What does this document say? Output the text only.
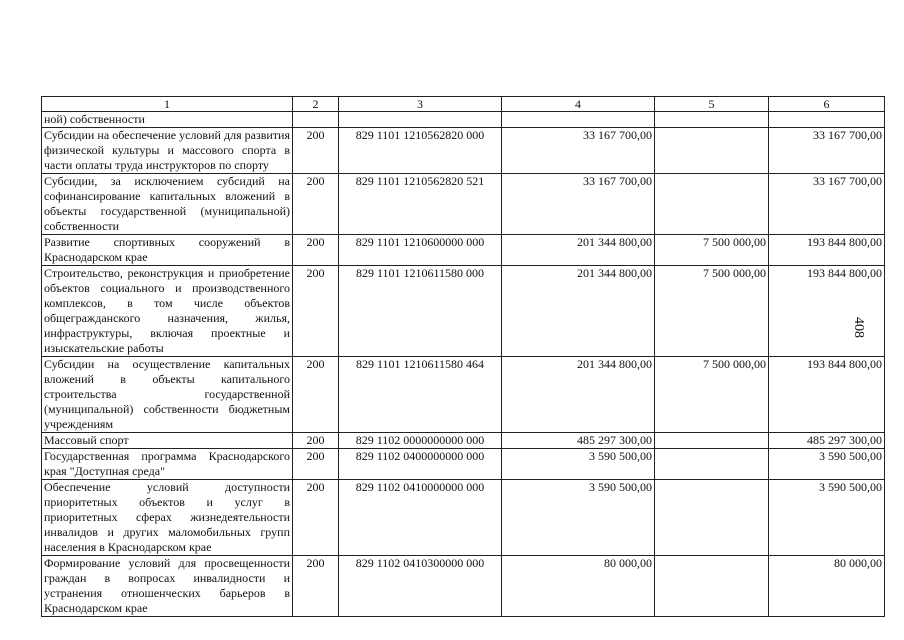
1	2	3	4	5	6
ной) собственности					
Субсидии на обеспечение условий для развития физической культуры и массового спорта в части оплаты труда инструкторов по спорту	200	829 1101 1210562820 000	33 167 700,00		33 167 700,00
Субсидии, за исключением субсидий на софинансирование капитальных вложений в объекты государственной (муниципальной) собственности	200	829 1101 1210562820 521	33 167 700,00		33 167 700,00
Развитие спортивных сооружений в Краснодарском крае	200	829 1101 1210600000 000	201 344 800,00	7 500 000,00	193 844 800,00
Строительство, реконструкция и приобретение объектов социального и производственного комплексов, в том числе объектов общегражданского назначения, жилья, инфраструктуры, включая проектные и изыскательские работы	200	829 1101 1210611580 000	201 344 800,00	7 500 000,00	193 844 800,00
Субсидии на осуществление капитальных вложений в объекты капитального строительства государственной (муниципальной) собственности бюджетным учреждениям	200	829 1101 1210611580 464	201 344 800,00	7 500 000,00	193 844 800,00
Массовый спорт	200	829 1102 0000000000 000	485 297 300,00		485 297 300,00
Государственная программа Краснодарского края "Доступная среда"	200	829 1102 0400000000 000	3 590 500,00		3 590 500,00
Обеспечение условий доступности приоритетных объектов и услуг в приоритетных сферах жизнедеятельности инвалидов и других маломобильных групп населения в Краснодарском крае	200	829 1102 0410000000 000	3 590 500,00		3 590 500,00
Формирование условий для просвещенности граждан в вопросах инвалидности и устранения отношенческих барьеров в Краснодарском крае	200	829 1102 0410300000 000	80 000,00		80 000,00
408
